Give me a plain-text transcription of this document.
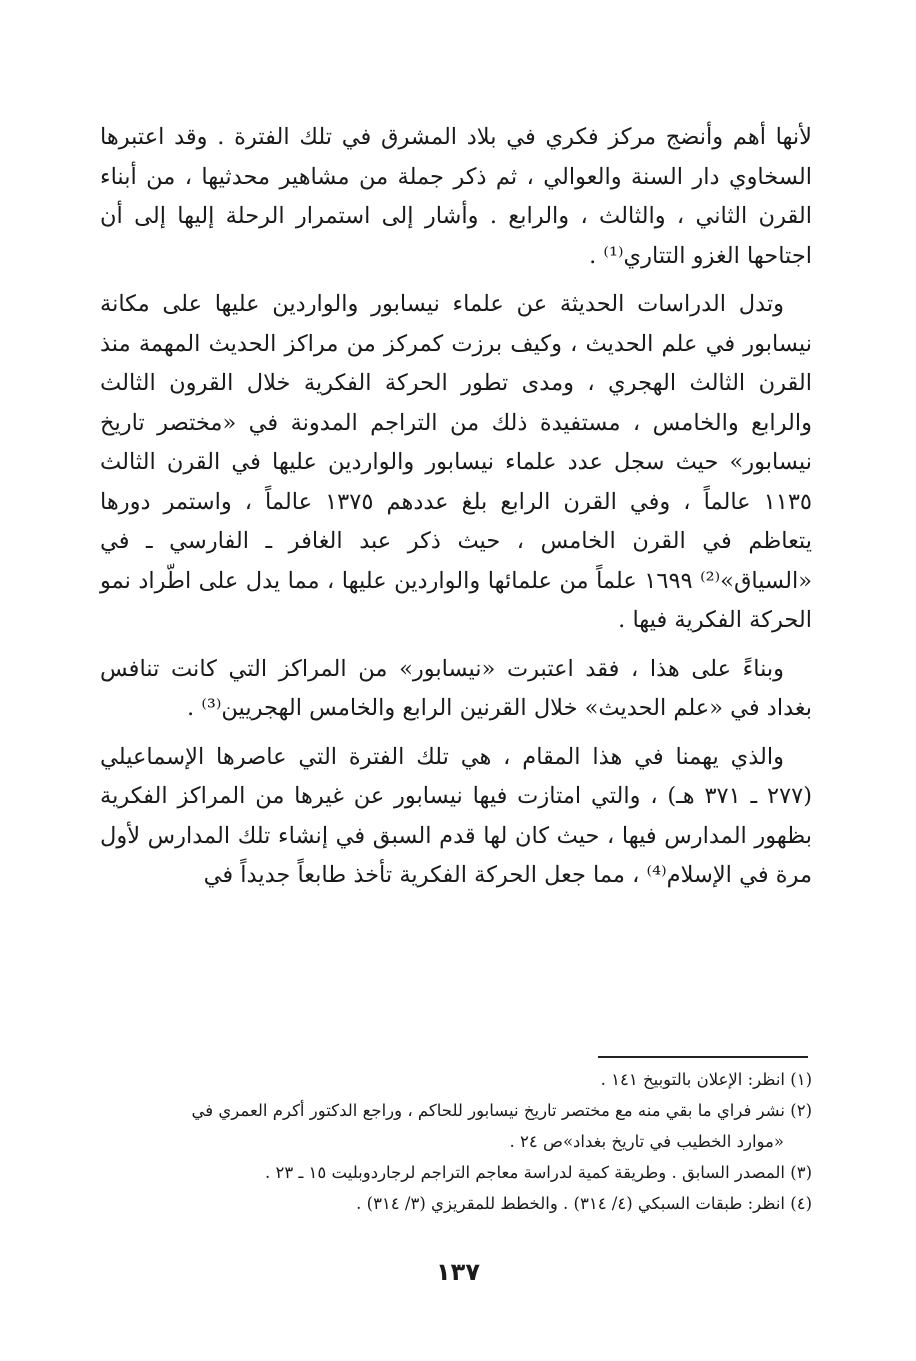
لأنها أهم وأنضج مركز فكري في بلاد المشرق في تلك الفترة . وقد اعتبرها السخاوي دار السنة والعوالي ، ثم ذكر جملة من مشاهير محدثيها ، من أبناء القرن الثاني ، والثالث ، والرابع . وأشار إلى استمرار الرحلة إليها إلى أن اجتاحها الغزو التتاري⁽¹⁾ .

وتدل الدراسات الحديثة عن علماء نيسابور والواردين عليها على مكانة نيسابور في علم الحديث ، وكيف برزت كمركز من مراكز الحديث المهمة منذ القرن الثالث الهجري ، ومدى تطور الحركة الفكرية خلال القرون الثالث والرابع والخامس ، مستفيدة ذلك من التراجم المدونة في «مختصر تاريخ نيسابور» حيث سجل عدد علماء نيسابور والواردين عليها في القرن الثالث ١١٣٥ عالماً ، وفي القرن الرابع بلغ عددهم ١٣٧٥ عالماً ، واستمر دورها يتعاظم في القرن الخامس ، حيث ذكر عبد الغافر ـ الفارسي ـ في «السياق»⁽²⁾ ١٦٩٩ علماً من علمائها والواردين عليها ، مما يدل على اطّراد نمو الحركة الفكرية فيها .

وبناءً على هذا ، فقد اعتبرت «نيسابور» من المراكز التي كانت تنافس بغداد في «علم الحديث» خلال القرنين الرابع والخامس الهجريين⁽³⁾ .

والذي يهمنا في هذا المقام ، هي تلك الفترة التي عاصرها الإسماعيلي (٢٧٧ ـ ٣٧١ هـ) ، والتي امتازت فيها نيسابور عن غيرها من المراكز الفكرية بظهور المدارس فيها ، حيث كان لها قدم السبق في إنشاء تلك المدارس لأول مرة في الإسلام⁽⁴⁾ ، مما جعل الحركة الفكرية تأخذ طابعاً جديداً في

(١) انظر: الإعلان بالتوبيخ ١٤١ .

(٢) نشر فراي ما بقي منه مع مختصر تاريخ نيسابور للحاكم ، وراجع الدكتور أكرم العمري في

«موارد الخطيب في تاريخ بغداد»ص ٢٤ .

(٣) المصدر السابق . وطريقة كمية لدراسة معاجم التراجم لرجاردوبليت ١٥ ـ ٢٣ .

(٤) انظر: طبقات السبكي (٤/ ٣١٤) . والخطط للمقريزي (٣/ ٣١٤) .

١٣٧
